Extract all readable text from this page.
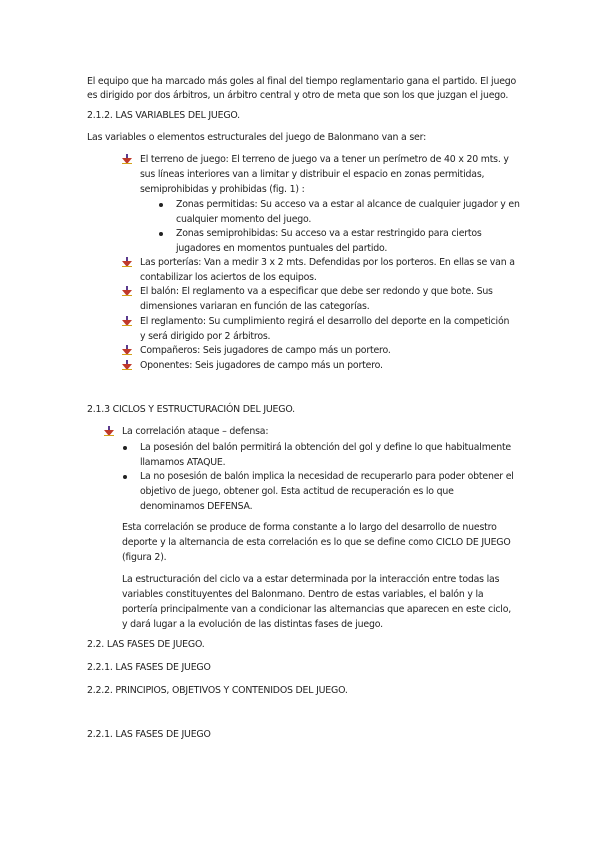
El equipo que ha marcado más goles al final del tiempo reglamentario gana el partido. El juego
es dirigido por dos árbitros, un árbitro central y otro de meta que son los que juzgan el juego.
2.1.2. LAS VARIABLES DEL JUEGO.
Las variables o elementos estructurales del juego de Balonmano van a ser:
El terreno de juego: El terreno de juego va a tener un perímetro de 40 x 20 mts. y
sus líneas interiores van a limitar y distribuir el espacio en zonas permitidas,
semiprohibidas y prohibidas (fig. 1) :
Zonas permitidas: Su acceso va a estar al alcance de cualquier jugador y en
cualquier momento del juego.
Zonas semiprohibidas: Su acceso va a estar restringido para ciertos
jugadores en momentos puntuales del partido.
Las porterías: Van a medir 3 x 2 mts. Defendidas por los porteros. En ellas se van a
contabilizar los aciertos de los equipos.
El balón: El reglamento va a especificar que debe ser redondo y que bote. Sus
dimensiones variaran en función de las categorías.
El reglamento: Su cumplimiento regirá el desarrollo del deporte en la competición
y será dirigido por 2 árbitros.
Compañeros: Seis jugadores de campo más un portero.
Oponentes: Seis jugadores de campo más un portero.
2.1.3 CICLOS Y ESTRUCTURACIÓN DEL JUEGO.
La correlación ataque – defensa:
La posesión del balón permitirá la obtención del gol y define lo que habitualmente
llamamos ATAQUE.
La no posesión de balón implica la necesidad de recuperarlo para poder obtener el
objetivo de juego, obtener gol. Esta actitud de recuperación es lo que
denominamos DEFENSA.
Esta correlación se produce de forma constante a lo largo del desarrollo de nuestro
deporte y la alternancia de esta correlación es lo que se define como CICLO DE JUEGO
(figura 2).
La estructuración del ciclo va a estar determinada por la interacción entre todas las
variables constituyentes del Balonmano. Dentro de estas variables, el balón y la
portería principalmente van a condicionar las alternancias que aparecen en este ciclo,
y dará lugar a la evolución de las distintas fases de juego.
2.2. LAS FASES DE JUEGO.
2.2.1. LAS FASES DE JUEGO
2.2.2. PRINCIPIOS, OBJETIVOS Y CONTENIDOS DEL JUEGO.
2.2.1. LAS FASES DE JUEGO
